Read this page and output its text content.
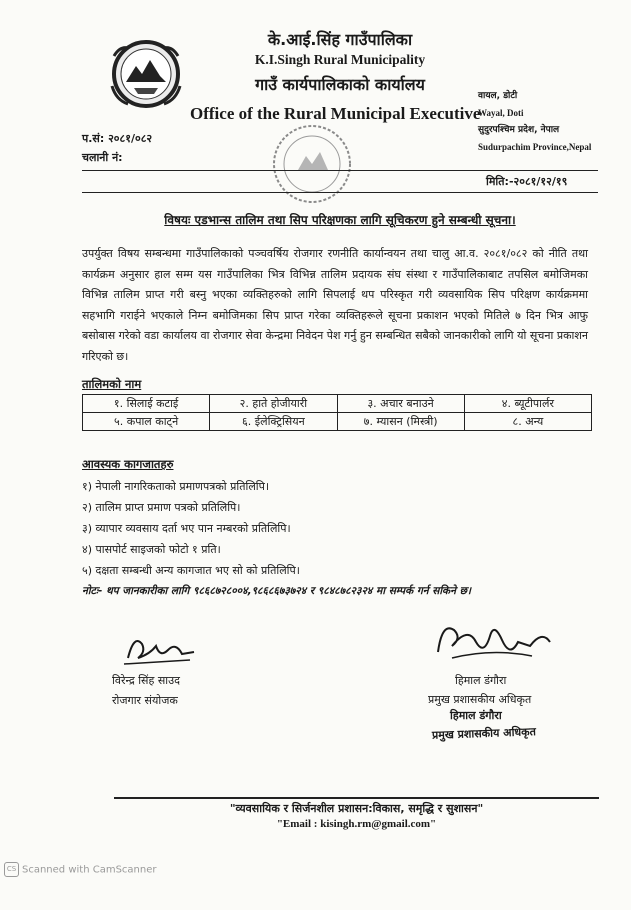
के.आई.सिंह गाउँपालिका
K.I.Singh Rural Municipality
गाउँ कार्यपालिकाको कार्यालय
Office of the Rural Municipal Executive
वायल, डोटी
Wayal, Doti
सुदुरपश्चिम प्रदेश, नेपाल
Sudurpachim Province,Nepal
प.सं: २०८१/०८२
चलानी नं:
मिति:-२०८१/१२/१९
विषयः एडभान्स तालिम तथा सिप परिक्षणका लागि सूचिकरण हुने सम्बन्धी सूचना।
उपर्युक्त विषय सम्बन्धमा गाउँपालिकाको पञ्चवर्षिय रोजगार रणनीति कार्यान्वयन तथा चालु आ.व. २०८१/०८२ को नीति तथा कार्यक्रम अनुसार हाल सम्म यस गाउँपालिका भित्र विभिन्न तालिम प्रदायक संघ संस्था र गाउँपालिकाबाट तपसिल बमोजिमका विभिन्न तालिम प्राप्त गरी बस्नु भएका व्यक्तिहरुको लागि सिपलाई थप परिस्कृत गरी व्यवसायिक सिप परिक्षण कार्यक्रममा सहभागि गराईने भएकाले निम्न बमोजिमका सिप प्राप्त गरेका व्यक्तिहरूले सूचना प्रकाशन भएको मितिले ७ दिन भित्र आफु बसोबास गरेको वडा कार्यालय वा रोजगार सेवा केन्द्रमा निवेदन पेश गर्नु हुन सम्बन्धित सबैको जानकारीको लागि यो सूचना प्रकाशन गरिएको छ।
तालिमको नाम
१. सिलाई कटाई	२. हाते होजीयारी	३. अचार बनाउने	४. ब्यूटीपार्लर
५. कपाल काट्ने	६. ईलेक्ट्रिसियन	७. म्यासन (मिस्त्री)	८. अन्य
आवस्यक कागजातहरु
१) नेपाली नागरिकताको प्रमाणपत्रको प्रतिलिपि।
२) तालिम प्राप्त प्रमाण पत्रको प्रतिलिपि।
३) व्यापार व्यवसाय दर्ता भए पान नम्बरको प्रतिलिपि।
४) पासपोर्ट साइजको फोटो १ प्रति।
५) दक्षता सम्बन्धी अन्य कागजात भए सो को प्रतिलिपि।
नोटः- थप जानकारीका लागि ९८६८७२८००४,९८६८६७३७२४ र ९८४८७८२३२४ मा सम्पर्क गर्न सकिने छ।
विरेन्द्र सिंह साउद
रोजगार संयोजक
हिमाल डंगौरा
प्रमुख प्रशासकीय अधिकृत
हिमाल डंगौरा
प्रमुख प्रशासकीय अधिकृत
"व्यवसायिक र सिर्जनशील प्रशासन:विकास, समृद्धि र सुशासन"
"Email : kisingh.rm@gmail.com"
CS Scanned with CamScanner
